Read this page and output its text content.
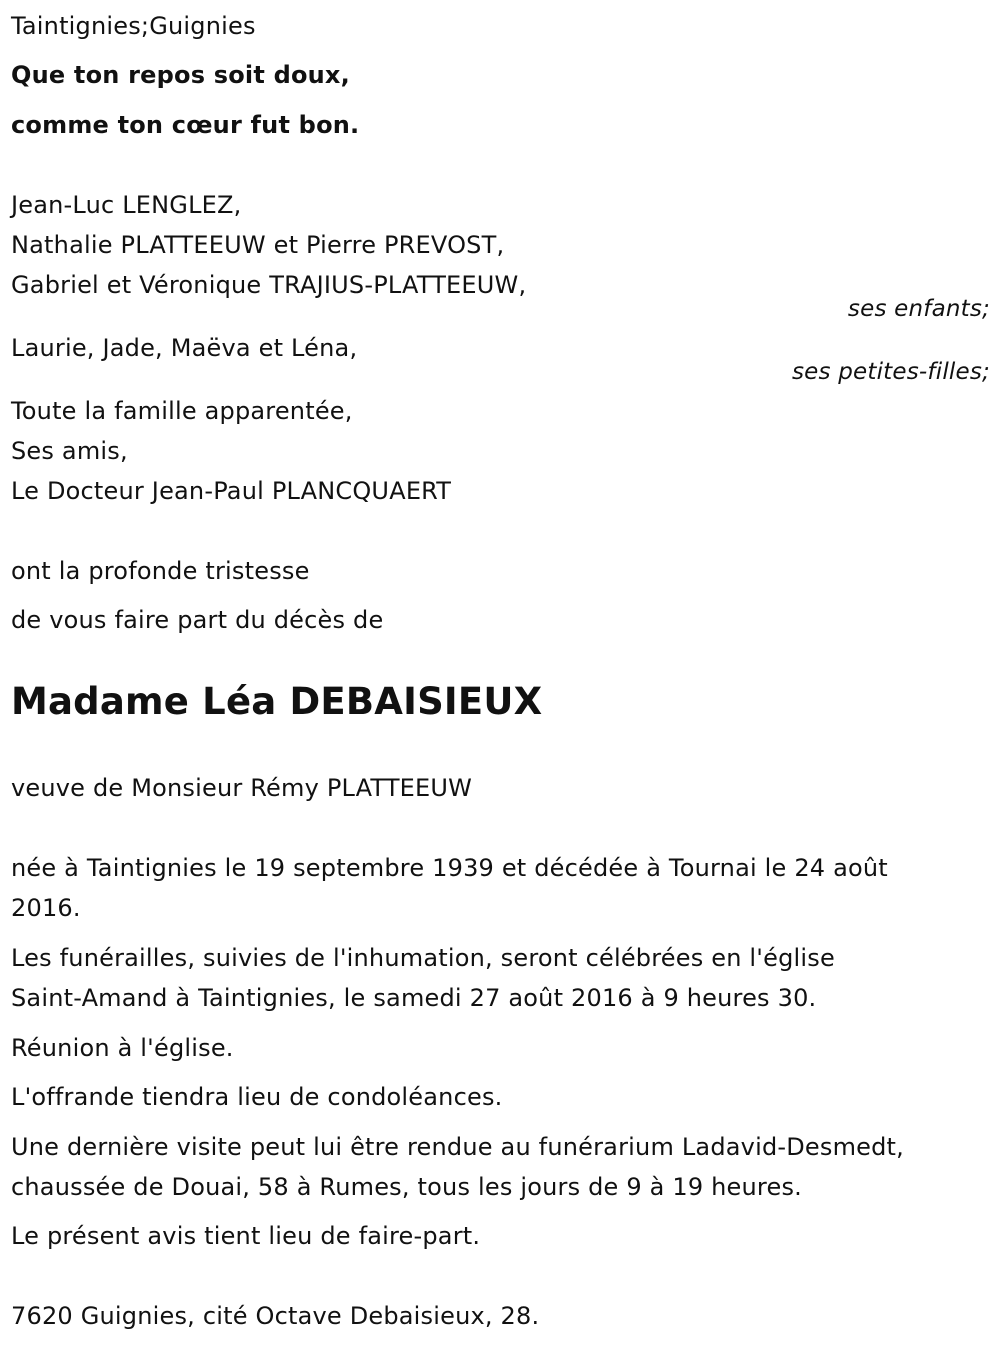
Taintignies;Guignies
Que ton repos soit doux,
comme ton cœur fut bon.
Jean-Luc LENGLEZ,
Nathalie PLATTEEUW et Pierre PREVOST,
Gabriel et Véronique TRAJIUS-PLATTEEUW,
ses enfants;
Laurie, Jade, Maëva et Léna,
ses petites-filles;
Toute la famille apparentée,
Ses amis,
Le Docteur Jean-Paul PLANCQUAERT
ont la profonde tristesse
de vous faire part du décès de
Madame Léa DEBAISIEUX
veuve de Monsieur Rémy PLATTEEUW
née à Taintignies le 19 septembre 1939 et décédée à Tournai le 24 août
2016.
Les funérailles, suivies de l'inhumation, seront célébrées en l'église
Saint-Amand à Taintignies, le samedi 27 août 2016 à 9 heures 30.
Réunion à l'église.
L'offrande tiendra lieu de condoléances.
Une dernière visite peut lui être rendue au funérarium Ladavid-Desmedt,
chaussée de Douai, 58 à Rumes, tous les jours de 9 à 19 heures.
Le présent avis tient lieu de faire-part.
7620 Guignies, cité Octave Debaisieux, 28.
